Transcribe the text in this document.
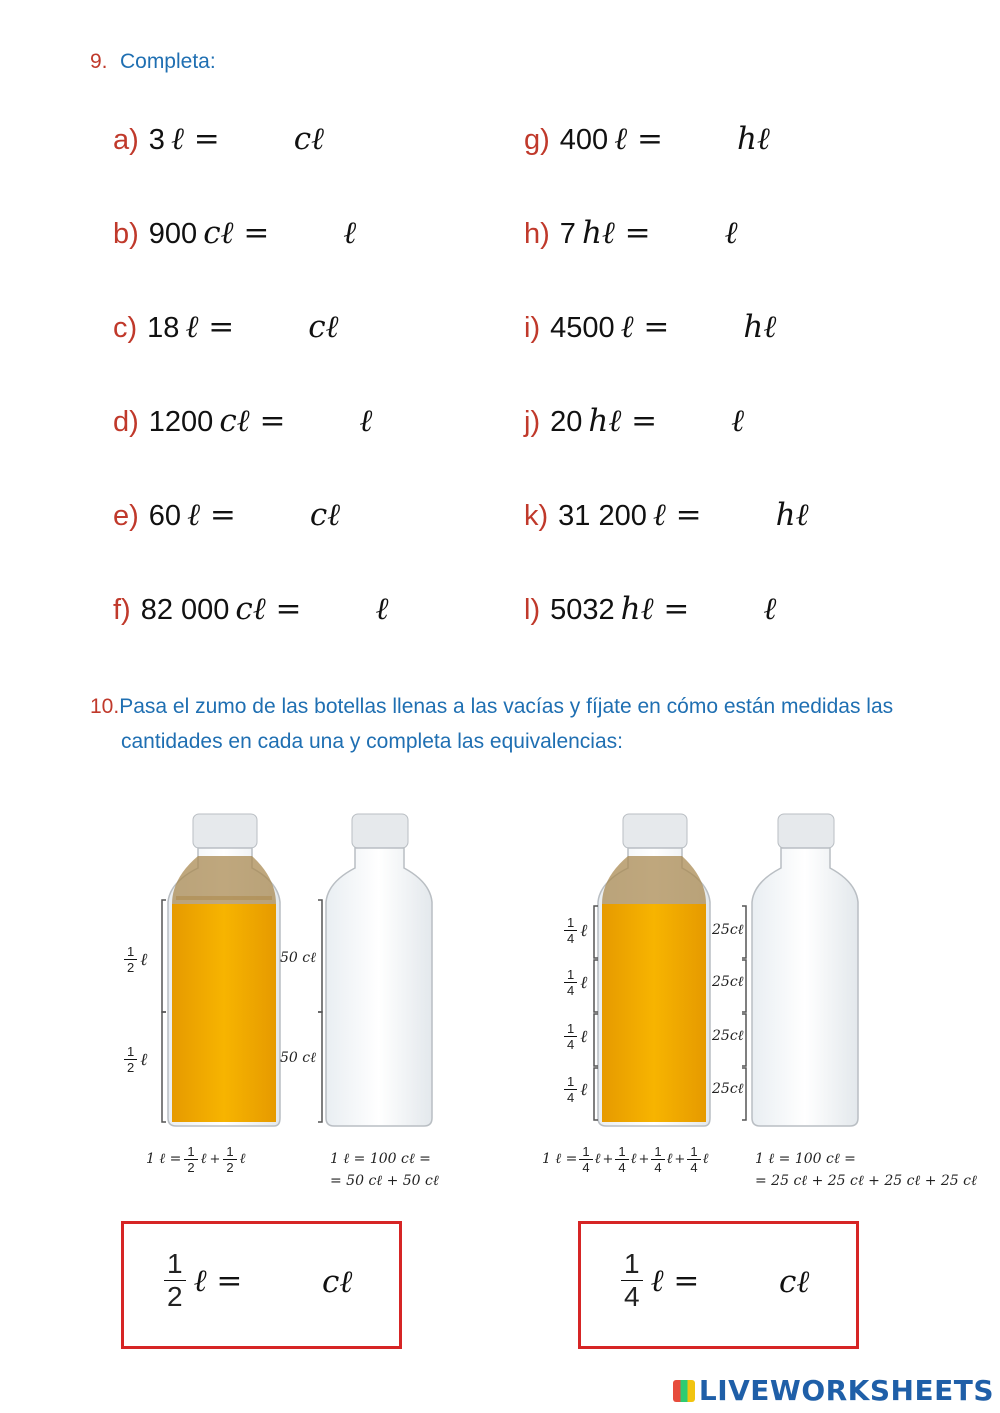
9. Completa:
a) 3 ℓ = cℓ
b) 900 cℓ = ℓ
c) 18 ℓ = cℓ
d) 1200 cℓ = ℓ
e) 60 ℓ = cℓ
f) 82 000 cℓ = ℓ
g) 400 ℓ = hℓ
h) 7 hℓ = ℓ
i) 4500 ℓ = hℓ
j) 20 hℓ = ℓ
k) 31 200 ℓ = hℓ
l) 5032 hℓ = ℓ
10.Pasa el zumo de las botellas llenas a las vacías y fíjate en cómo están medidas las
cantidades en cada una y completa las equivalencias:
$\frac{1}{2}$ ℓ
$\frac{1}{2}$ ℓ
50 cℓ
50 cℓ
$\frac{1}{4}$ ℓ
$\frac{1}{4}$ ℓ
$\frac{1}{4}$ ℓ
$\frac{1}{4}$ ℓ
25cℓ
25cℓ
25cℓ
25cℓ
1 ℓ = $\frac{1}{2}$ ℓ + $\frac{1}{2}$ ℓ	1 ℓ = 100 cℓ =
= 50 cℓ + 50 cℓ
1 ℓ = $\frac{1}{4}$ ℓ + $\frac{1}{4}$ ℓ + $\frac{1}{4}$ ℓ + $\frac{1}{4}$ ℓ	1 ℓ = 100 cℓ =
= 25 cℓ + 25 cℓ + 25 cℓ + 25 cℓ
$\frac{1}{2}$ ℓ =	cℓ	$\frac{1}{4}$ ℓ =	cℓ
LIVEWORKSHEETS
